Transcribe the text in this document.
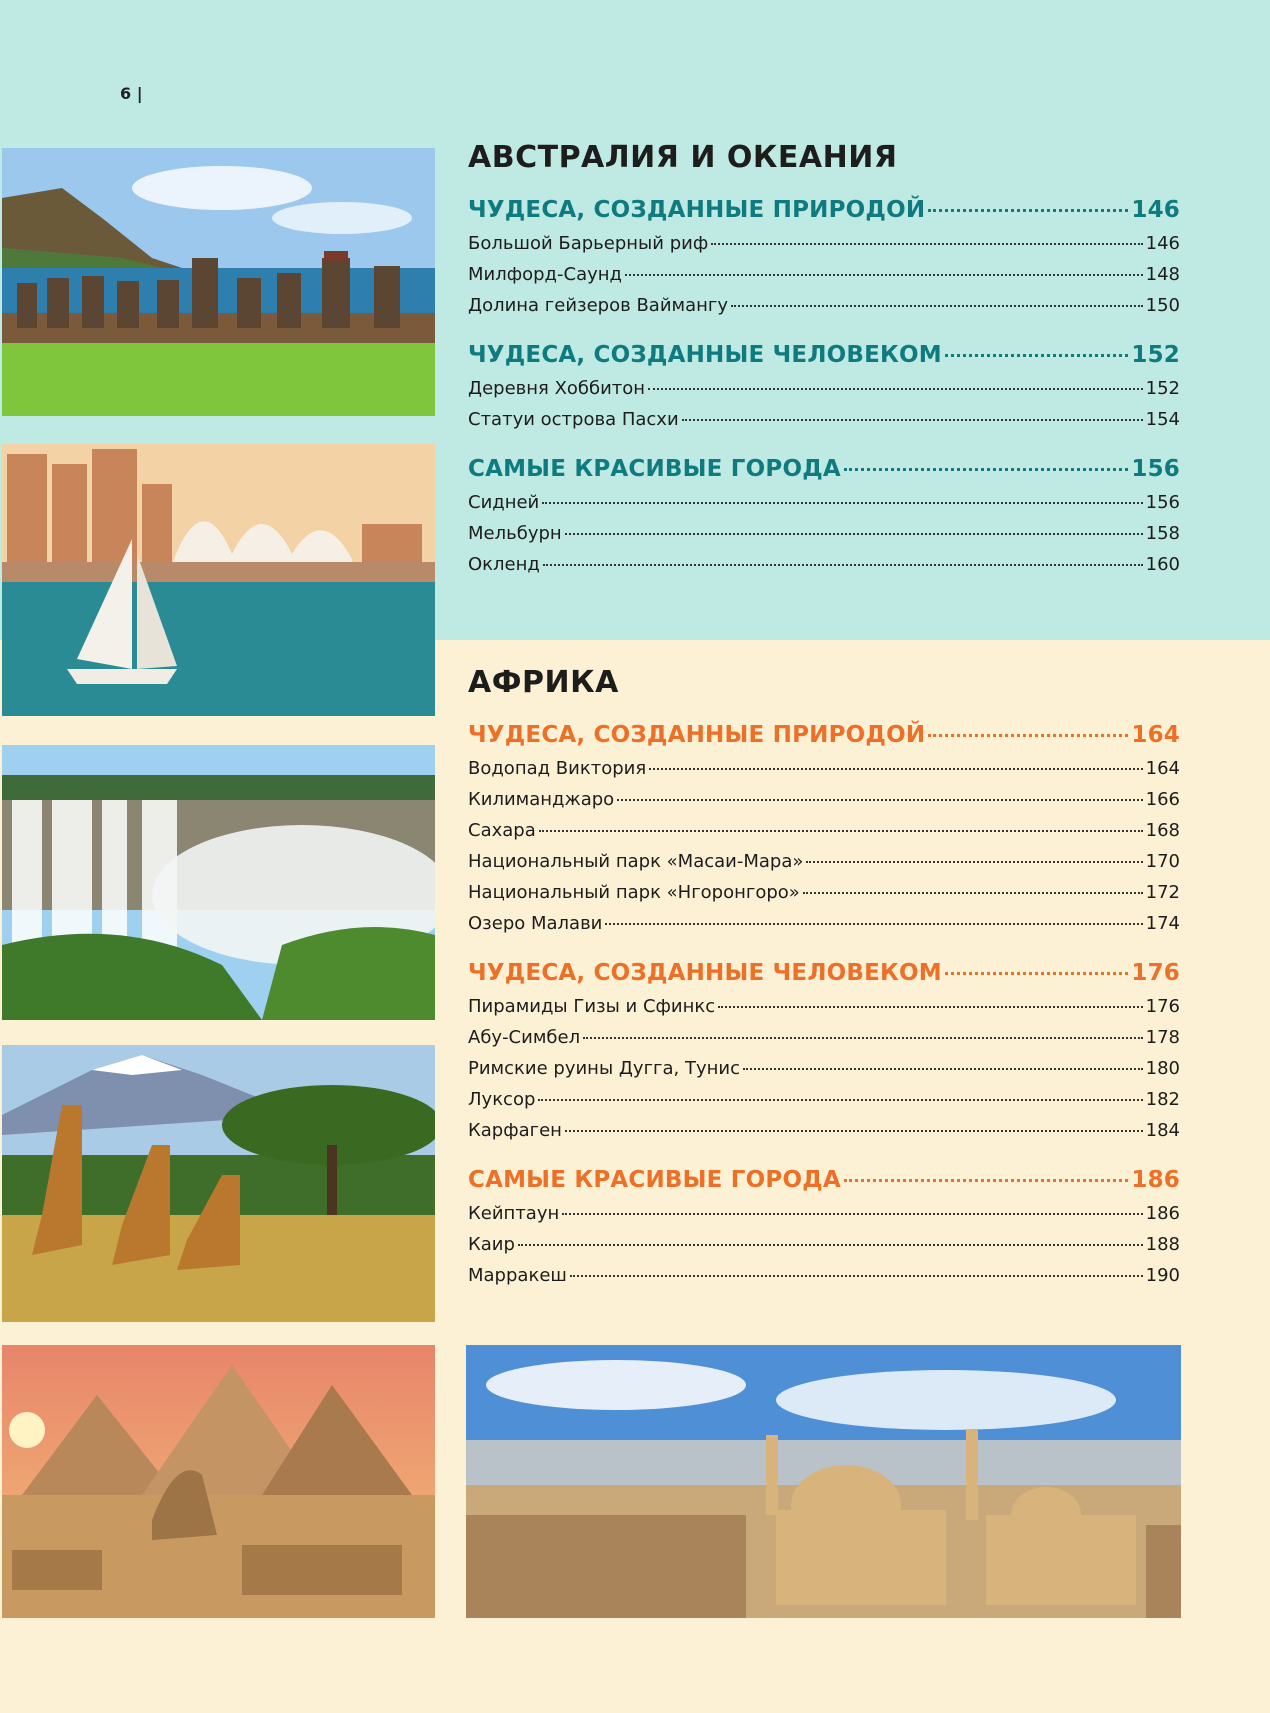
6 |
АВСТРАЛИЯ И ОКЕАНИЯ
ЧУДЕСА, СОЗДАННЫЕ ПРИРОДОЙ	146
Большой Барьерный риф	146
Милфорд-Саунд	148
Долина гейзеров Ваймангу	150
ЧУДЕСА, СОЗДАННЫЕ ЧЕЛОВЕКОМ	152
Деревня Хоббитон	152
Статуи острова Пасхи	154
САМЫЕ КРАСИВЫЕ ГОРОДА	156
Сидней	156
Мельбурн	158
Окленд	160
АФРИКА
ЧУДЕСА, СОЗДАННЫЕ ПРИРОДОЙ	164
Водопад Виктория	164
Килиманджаро	166
Сахара	168
Национальный парк «Масаи-Мара»	170
Национальный парк «Нгоронгоро»	172
Озеро Малави	174
ЧУДЕСА, СОЗДАННЫЕ ЧЕЛОВЕКОМ	176
Пирамиды Гизы и Сфинкс	176
Абу-Симбел	178
Римские руины Дугга, Тунис	180
Луксор	182
Карфаген	184
САМЫЕ КРАСИВЫЕ ГОРОДА	186
Кейптаун	186
Каир	188
Марракеш	190
